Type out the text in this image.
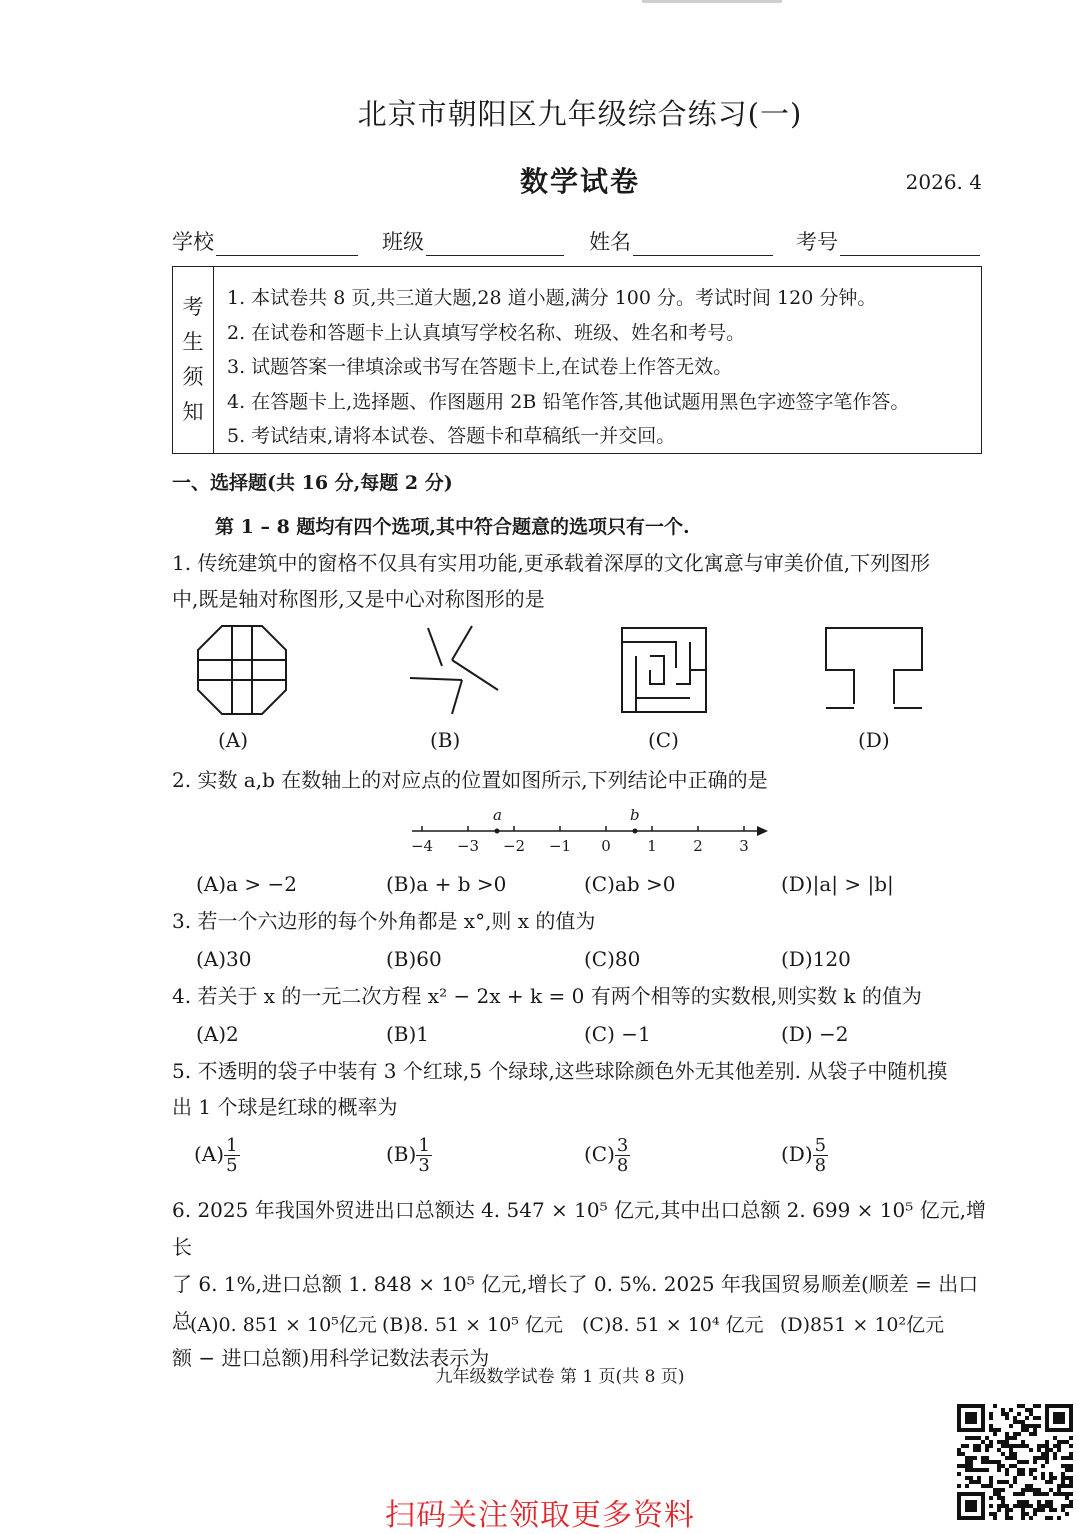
北京市朝阳区九年级综合练习(一)
数学试卷	2026. 4
学校	班级	姓名	考号
考
生
须
知
1. 本试卷共 8 页,共三道大题,28 道小题,满分 100 分。考试时间 120 分钟。
2. 在试卷和答题卡上认真填写学校名称、班级、姓名和考号。
3. 试题答案一律填涂或书写在答题卡上,在试卷上作答无效。
4. 在答题卡上,选择题、作图题用 2B 铅笔作答,其他试题用黑色字迹签字笔作答。
5. 考试结束,请将本试卷、答题卡和草稿纸一并交回。
一、选择题(共 16 分,每题 2 分)
第 1 – 8 题均有四个选项,其中符合题意的选项只有一个.
1. 传统建筑中的窗格不仅具有实用功能,更承载着深厚的文化寓意与审美价值,下列图形
中,既是轴对称图形,又是中心对称图形的是
(A)	(B)	(C)	(D)
2. 实数 a,b 在数轴上的对应点的位置如图所示,下列结论中正确的是
−4 −3 −2 −1 0 1 2 3
a	b
(A)a > −2	(B)a + b >0	(C)ab >0	(D)|a| > |b|
3. 若一个六边形的每个外角都是 x°,则 x 的值为
(A)30	(B)60	(C)80	(D)120
4. 若关于 x 的一元二次方程 x² − 2x + k = 0 有两个相等的实数根,则实数 k 的值为
(A)2	(B)1	(C) −1	(D) −2
5. 不透明的袋子中装有 3 个红球,5 个绿球,这些球除颜色外无其他差别. 从袋子中随机摸
出 1 个球是红球的概率为
$(A) \frac{1}{5}$	$(B) \frac{1}{3}$	$(C) \frac{3}{8}$	$(D) \frac{5}{8}$
6. 2025 年我国外贸进出口总额达 4. 547 × 10⁵ 亿元,其中出口总额 2. 699 × 10⁵ 亿元,增长
了 6. 1%,进口总额 1. 848 × 10⁵ 亿元,增长了 0. 5%. 2025 年我国贸易顺差(顺差 = 出口总
额 − 进口总额)用科学记数法表示为
(A)0. 851 × 10⁵亿元 (B)8. 51 × 10⁵ 亿元 (C)8. 51 × 10⁴ 亿元 (D)851 × 10²亿元
九年级数学试卷 第 1 页(共 8 页)
扫码关注领取更多资料
